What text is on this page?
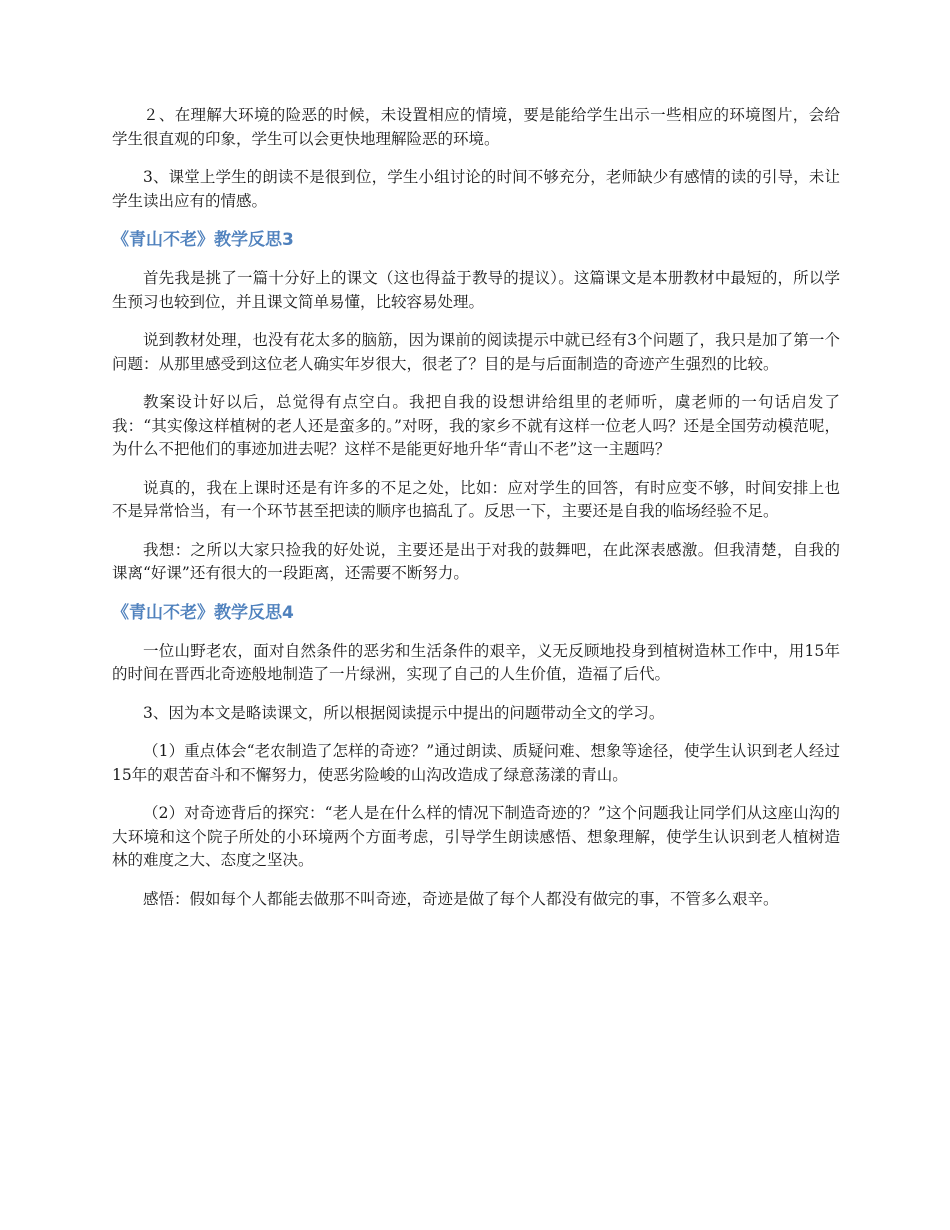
２、在理解大环境的险恶的时候，未设置相应的情境，要是能给学生出示一些相应的环境图片，会给学生很直观的印象，学生可以会更快地理解险恶的环境。

3、课堂上学生的朗读不是很到位，学生小组讨论的时间不够充分，老师缺少有感情的读的引导，未让学生读出应有的情感。

《青山不老》教学反思3

首先我是挑了一篇十分好上的课文（这也得益于教导的提议）。这篇课文是本册教材中最短的，所以学生预习也较到位，并且课文简单易懂，比较容易处理。

说到教材处理，也没有花太多的脑筋，因为课前的阅读提示中就已经有3个问题了，我只是加了第一个问题：从那里感受到这位老人确实年岁很大，很老了？目的是与后面制造的奇迹产生强烈的比较。

教案设计好以后，总觉得有点空白。我把自我的设想讲给组里的老师听，虞老师的一句话启发了我：“其实像这样植树的老人还是蛮多的。”对呀，我的家乡不就有这样一位老人吗？还是全国劳动模范呢，为什么不把他们的事迹加进去呢？这样不是能更好地升华“青山不老”这一主题吗？

说真的，我在上课时还是有许多的不足之处，比如：应对学生的回答，有时应变不够，时间安排上也不是异常恰当，有一个环节甚至把读的顺序也搞乱了。反思一下，主要还是自我的临场经验不足。

我想：之所以大家只捡我的好处说，主要还是出于对我的鼓舞吧，在此深表感激。但我清楚，自我的课离“好课”还有很大的一段距离，还需要不断努力。

《青山不老》教学反思4

一位山野老农，面对自然条件的恶劣和生活条件的艰辛，义无反顾地投身到植树造林工作中，用15年的时间在晋西北奇迹般地制造了一片绿洲，实现了自己的人生价值，造福了后代。

3、因为本文是略读课文，所以根据阅读提示中提出的问题带动全文的学习。

（1）重点体会“老农制造了怎样的奇迹？”通过朗读、质疑问难、想象等途径，使学生认识到老人经过15年的艰苦奋斗和不懈努力，使恶劣险峻的山沟改造成了绿意荡漾的青山。

（2）对奇迹背后的探究：“老人是在什么样的情况下制造奇迹的？”这个问题我让同学们从这座山沟的大环境和这个院子所处的小环境两个方面考虑，引导学生朗读感悟、想象理解，使学生认识到老人植树造林的难度之大、态度之坚决。

感悟：假如每个人都能去做那不叫奇迹，奇迹是做了每个人都没有做完的事，不管多么艰辛。
